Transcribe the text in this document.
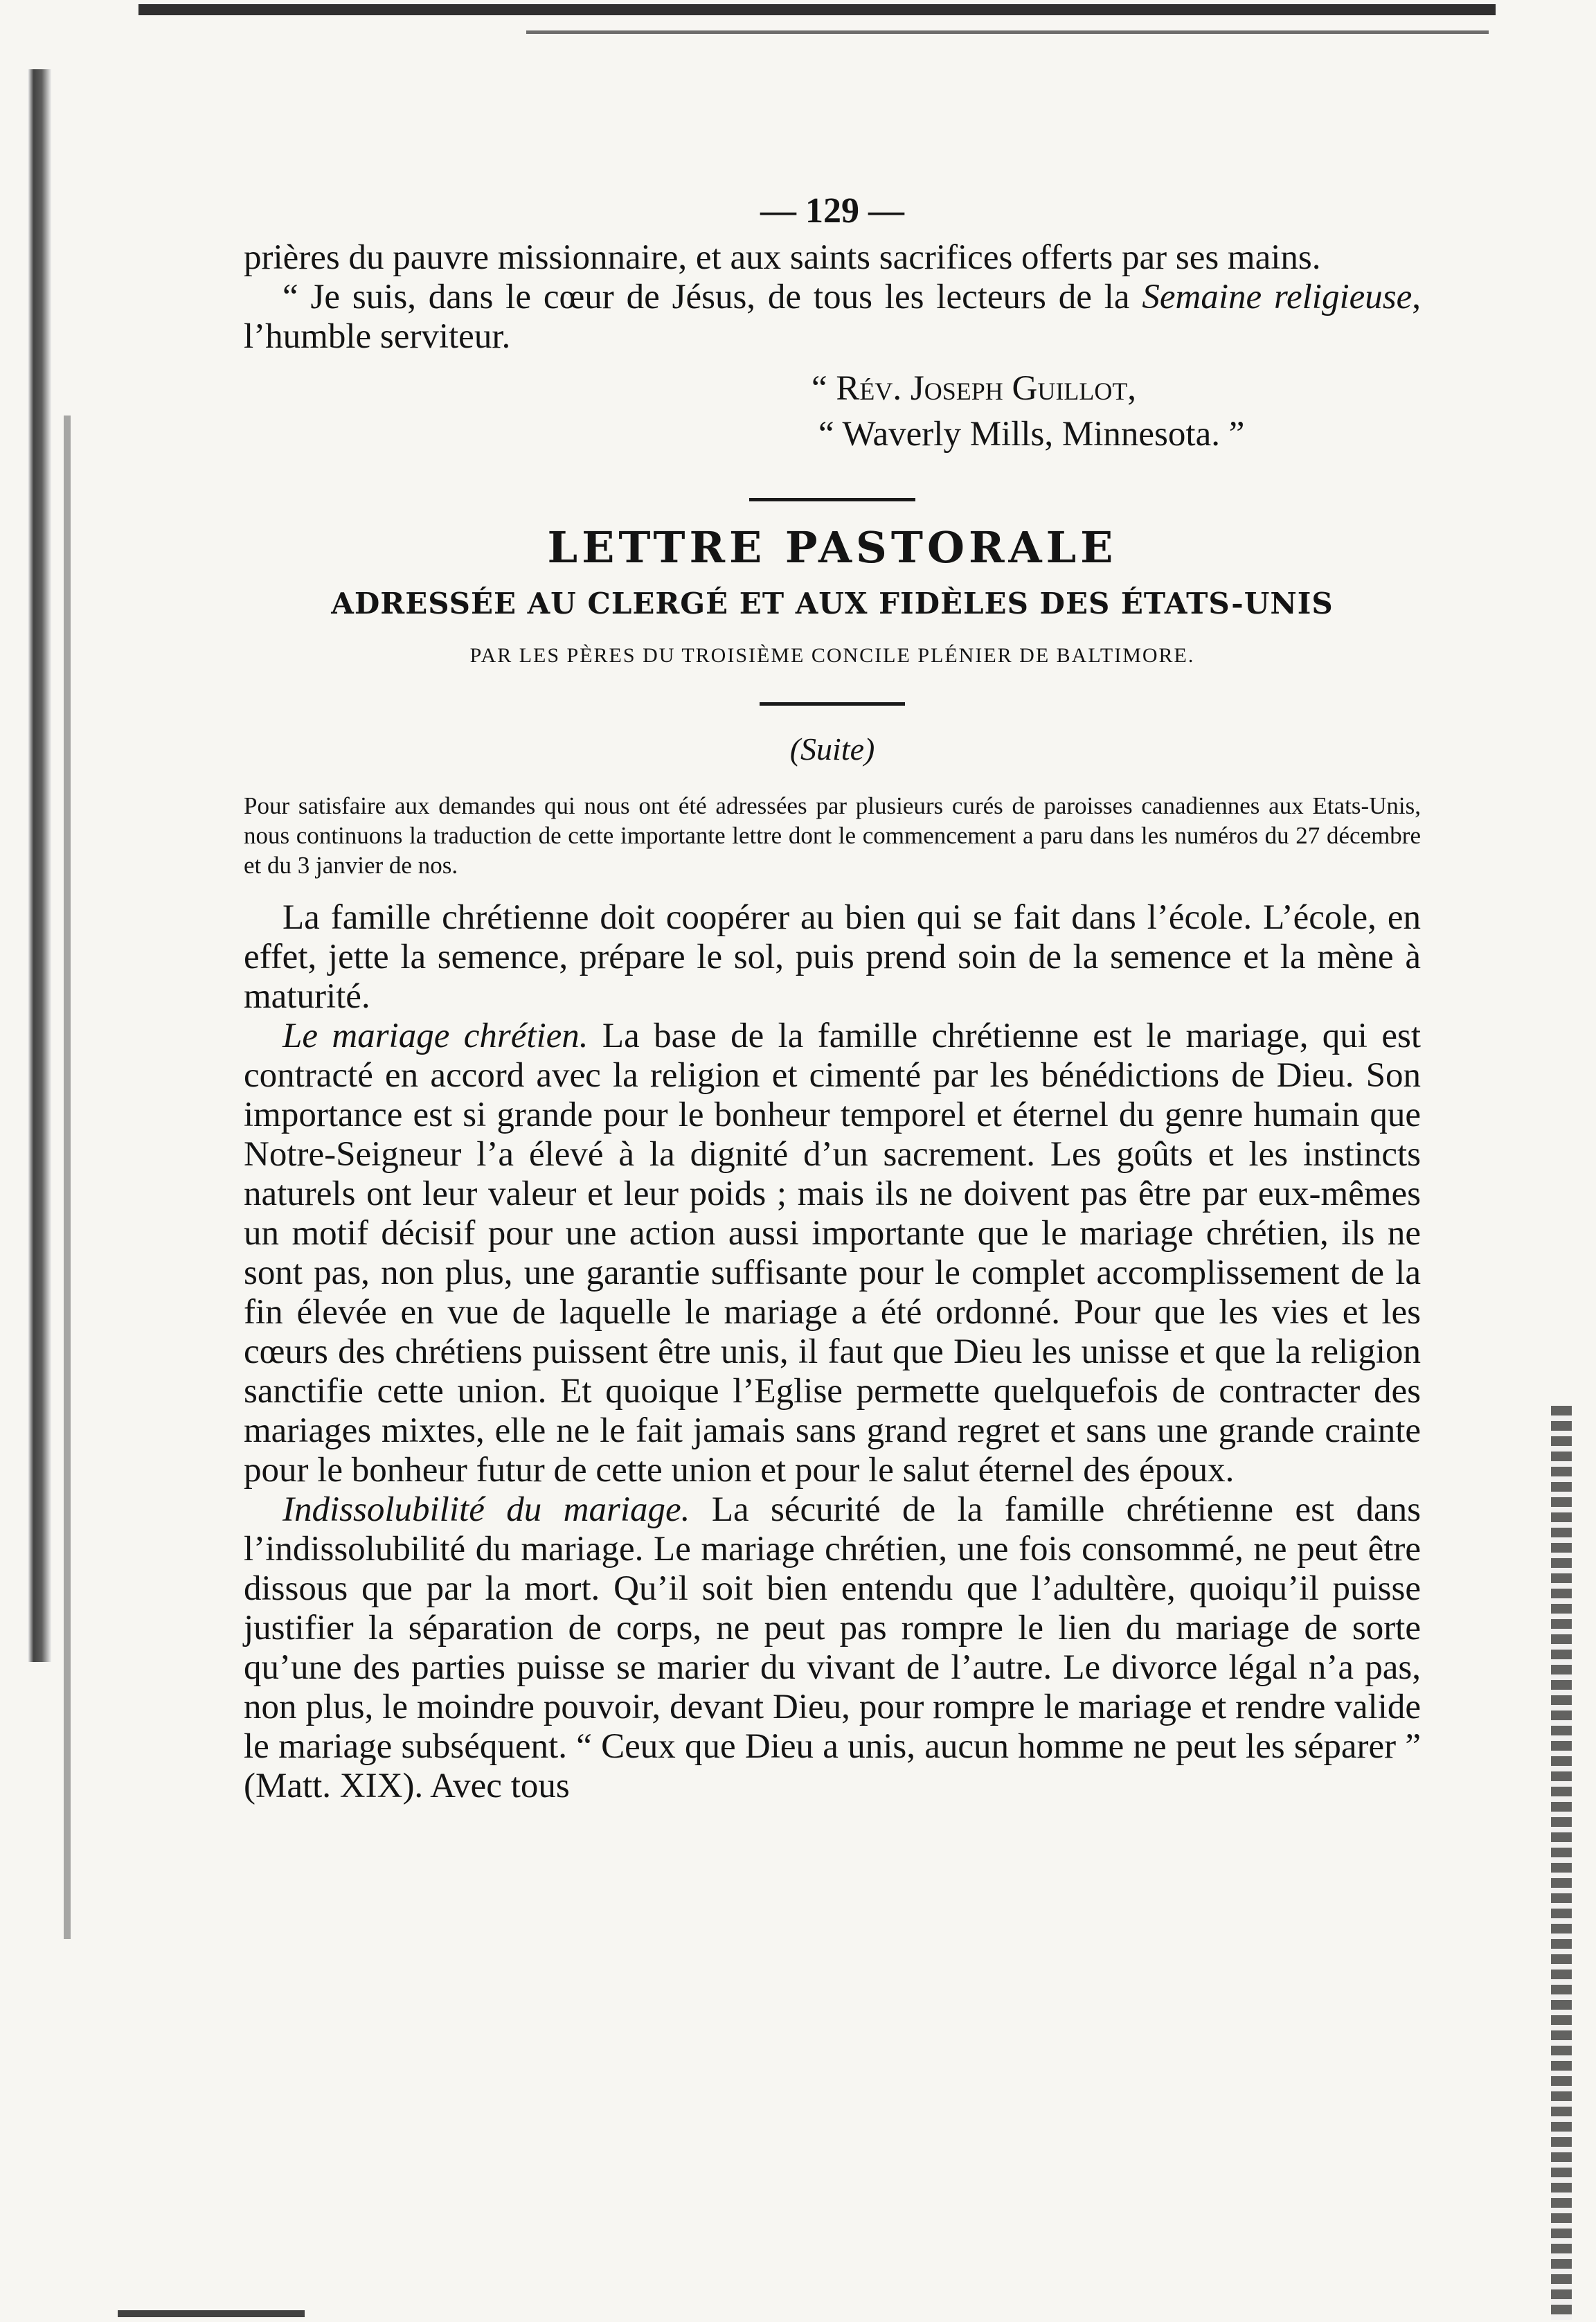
— 129 —

prières du pauvre missionnaire, et aux saints sacrifices offerts par ses mains.

“ Je suis, dans le cœur de Jésus, de tous les lecteurs de la Semaine religieuse, l’humble serviteur.

“ Rév. Joseph Guillot,

“ Waverly Mills, Minnesota. ”

LETTRE PASTORALE
ADRESSÉE AU CLERGÉ ET AUX FIDÈLES DES ÉTATS-UNIS
PAR LES PÈRES DU TROISIÈME CONCILE PLÉNIER DE BALTIMORE.
(Suite)

Pour satisfaire aux demandes qui nous ont été adressées par plusieurs curés de paroisses canadiennes aux Etats-Unis, nous continuons la traduction de cette importante lettre dont le commencement a paru dans les numéros du 27 décembre et du 3 janvier de nos.

La famille chrétienne doit coopérer au bien qui se fait dans l’école. L’école, en effet, jette la semence, prépare le sol, puis prend soin de la semence et la mène à maturité.

Le mariage chrétien. La base de la famille chrétienne est le mariage, qui est contracté en accord avec la religion et cimenté par les bénédictions de Dieu. Son importance est si grande pour le bonheur temporel et éternel du genre humain que Notre-Seigneur l’a élevé à la dignité d’un sacrement. Les goûts et les instincts naturels ont leur valeur et leur poids ; mais ils ne doivent pas être par eux-mêmes un motif décisif pour une action aussi importante que le mariage chrétien, ils ne sont pas, non plus, une garantie suffisante pour le complet accomplissement de la fin élevée en vue de laquelle le mariage a été ordonné. Pour que les vies et les cœurs des chrétiens puissent être unis, il faut que Dieu les unisse et que la religion sanctifie cette union. Et quoique l’Eglise permette quelquefois de contracter des mariages mixtes, elle ne le fait jamais sans grand regret et sans une grande crainte pour le bonheur futur de cette union et pour le salut éternel des époux.

Indissolubilité du mariage. La sécurité de la famille chrétienne est dans l’indissolubilité du mariage. Le mariage chrétien, une fois consommé, ne peut être dissous que par la mort. Qu’il soit bien entendu que l’adultère, quoiqu’il puisse justifier la séparation de corps, ne peut pas rompre le lien du mariage de sorte qu’une des parties puisse se marier du vivant de l’autre. Le divorce légal n’a pas, non plus, le moindre pouvoir, devant Dieu, pour rompre le mariage et rendre valide le mariage subséquent. “ Ceux que Dieu a unis, aucun homme ne peut les séparer ” (Matt. XIX). Avec tous
